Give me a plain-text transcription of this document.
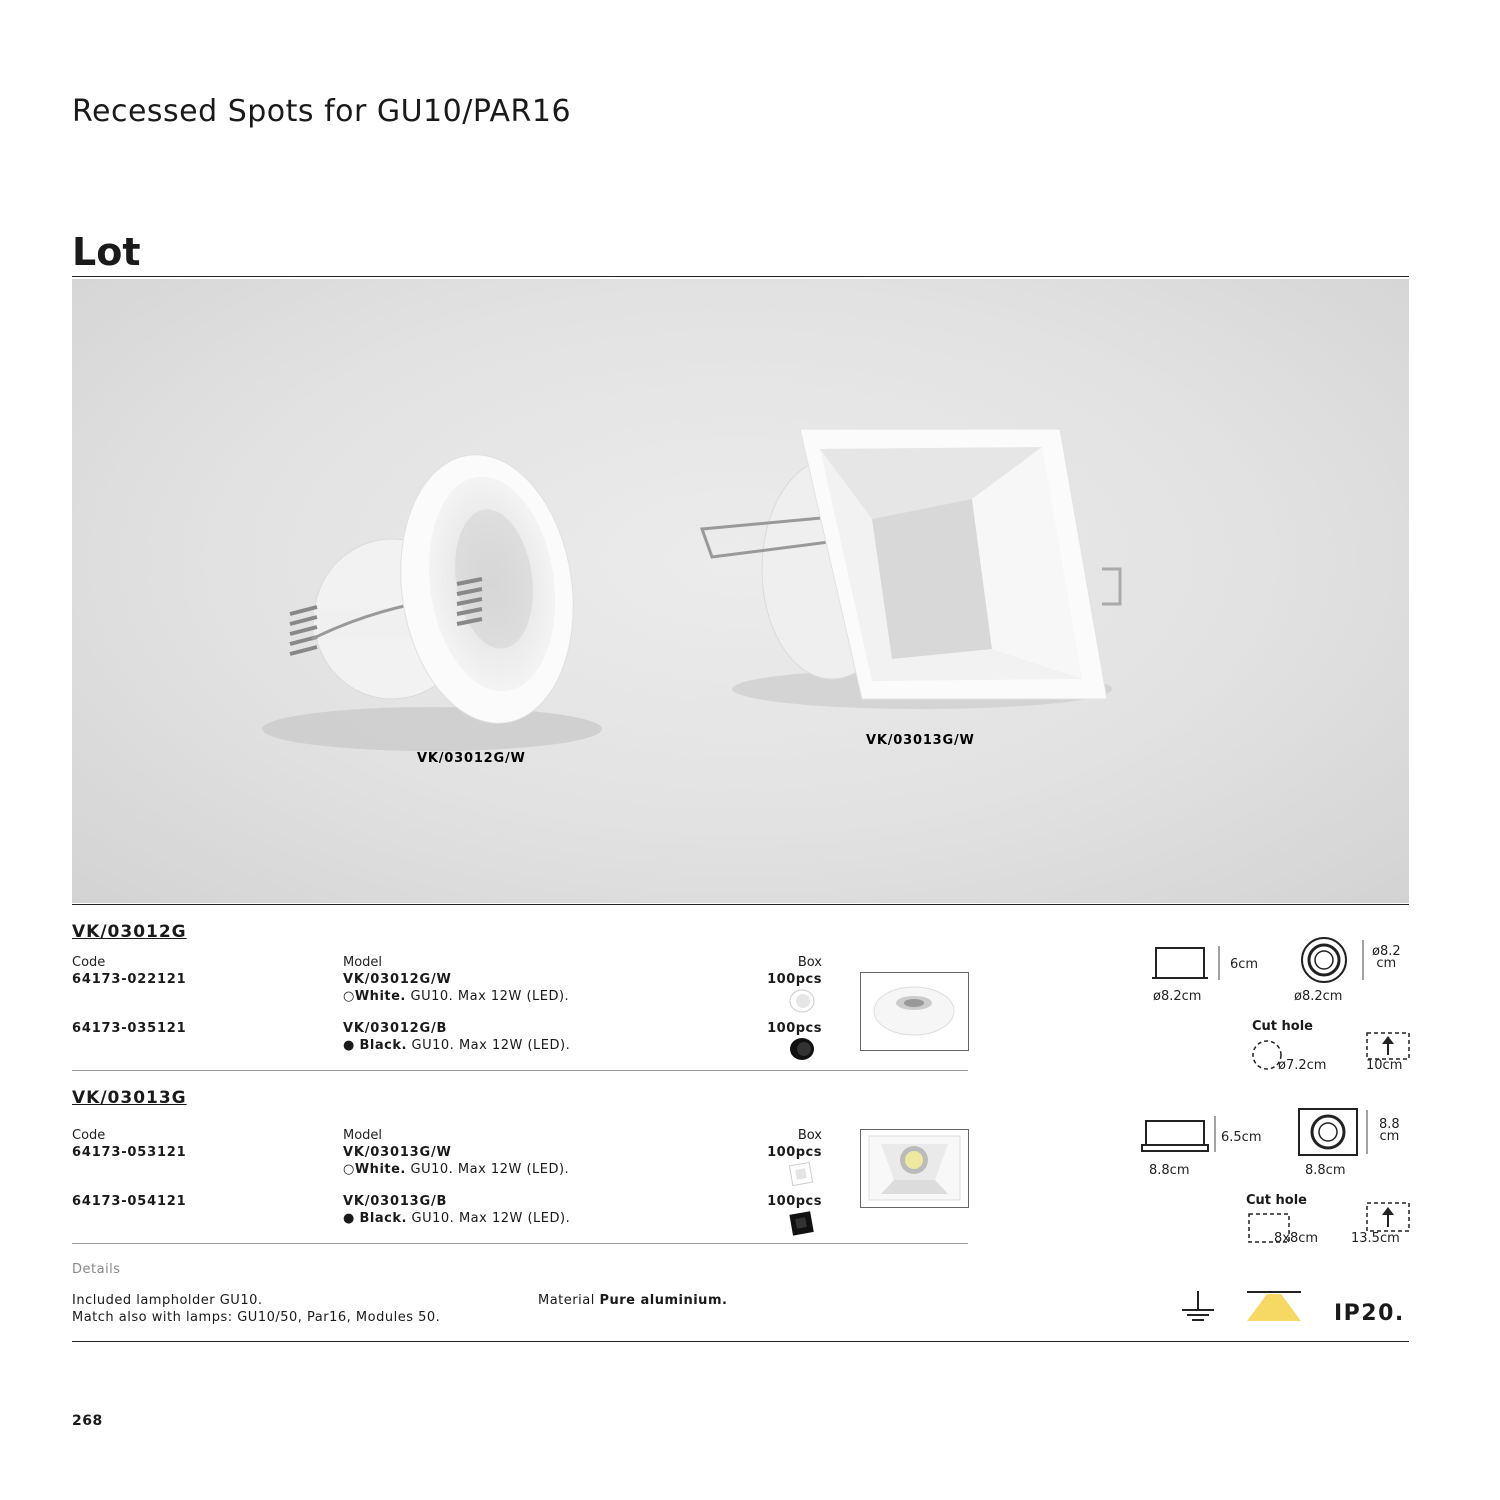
Recessed Spots for GU10/PAR16
Lot
VK/03012G/W
VK/03013G/W
VK/03012G
Code	Model	Box
64173-022121	VK/03012G/W
○White. GU10. Max 12W (LED).
100pcs
64173-035121	VK/03012G/B
● Black. GU10. Max 12W (LED).
100pcs
6cm
ø8.2cm
ø8.2
cm
ø8.2cm
Cut hole
ø7.2cm	10cm
VK/03013G
Code	Model	Box
64173-053121	VK/03013G/W
○White. GU10. Max 12W (LED).
100pcs
64173-054121	VK/03013G/B
● Black. GU10. Max 12W (LED).
100pcs
6.5cm
8.8cm
8.8
cm
8.8cm
Cut hole
8x8cm	13.5cm
Details
Included lampholder GU10.
Match also with lamps: GU10/50, Par16, Modules 50.
Material Pure aluminium.
IP20.
268
